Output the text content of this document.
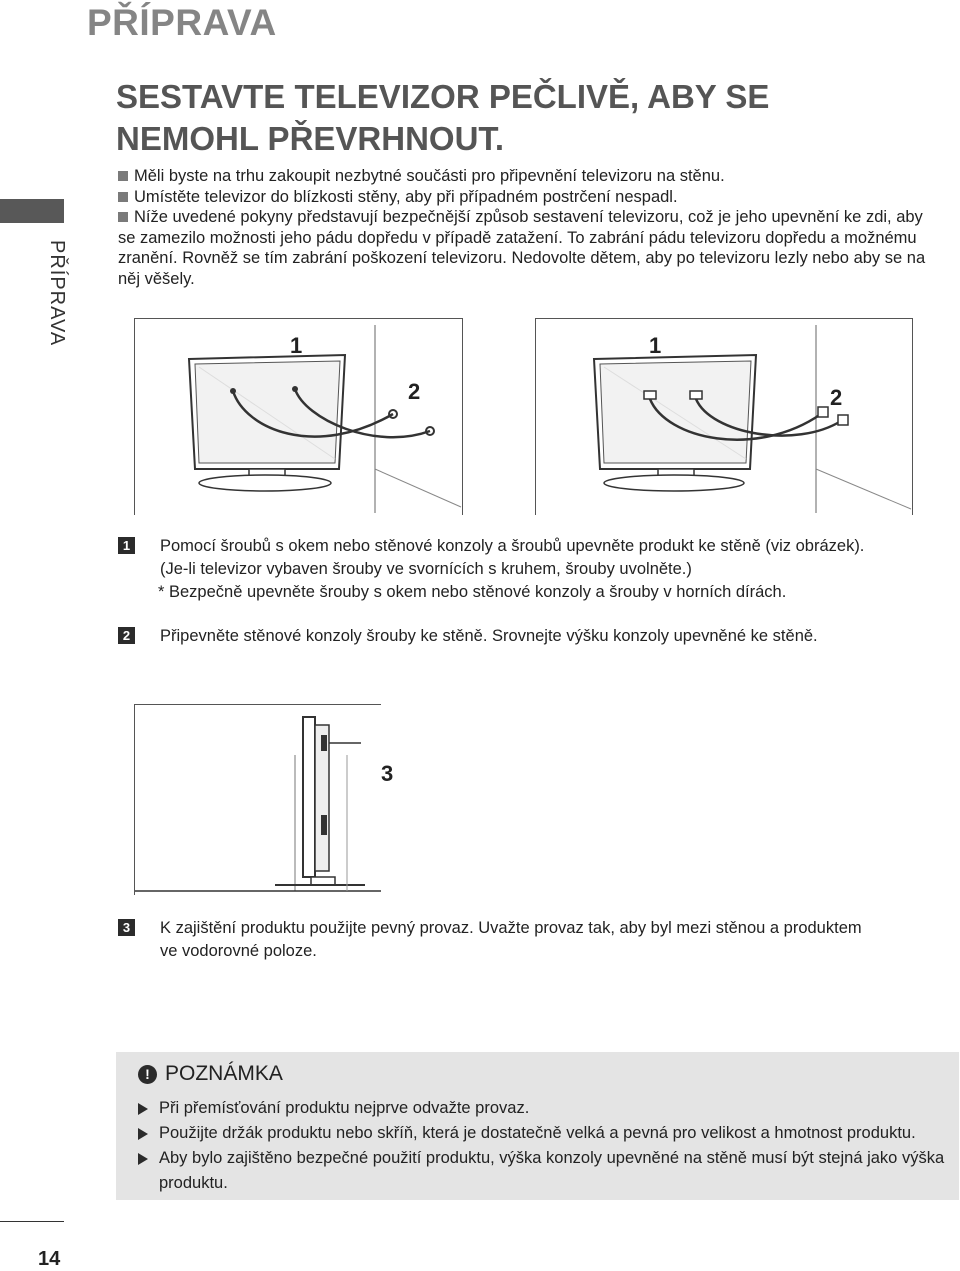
PŘÍPRAVA
PŘÍPRAVA
SESTAVTE TELEVIZOR PEČLIVĚ, ABY SE
NEMOHL PŘEVRHNOUT.
Měli byste na trhu zakoupit nezbytné součásti pro připevnění televizoru na stěnu.
Umístěte televizor do blízkosti stěny, aby při případném postrčení nespadl.
Níže uvedené pokyny představují bezpečnější způsob sestavení televizoru, což je jeho upevnění ke zdi, aby se zamezilo možnosti jeho pádu dopředu v případě zatažení. To zabrání pádu televizoru dopředu a možnému zranění. Rovněž se tím zabrání poškození televizoru. Nedovolte dětem, aby po televizoru lezly nebo aby se na něj věšely.
1
2
1
2
1 Pomocí šroubů s okem nebo stěnové konzoly a šroubů upevněte produkt ke stěně (viz obrázek).
(Je-li televizor vybaven šrouby ve svornících s kruhem, šrouby uvolněte.)
* Bezpečně upevněte šrouby s okem nebo stěnové konzoly a šrouby v horních dírách.
2 Připevněte stěnové konzoly šrouby ke stěně. Srovnejte výšku konzoly upevněné ke stěně.
3
3 K zajištění produktu použijte pevný provaz. Uvažte provaz tak, aby byl mezi stěnou a produktem
ve vodorovné poloze.
! POZNÁMKA
Při přemísťování produktu nejprve odvažte provaz.
Použijte držák produktu nebo skříň, která je dostatečně velká a pevná pro velikost a hmotnost produktu.
Aby bylo zajištěno bezpečné použití produktu, výška konzoly upevněné na stěně musí být stejná jako výška produktu.
14
